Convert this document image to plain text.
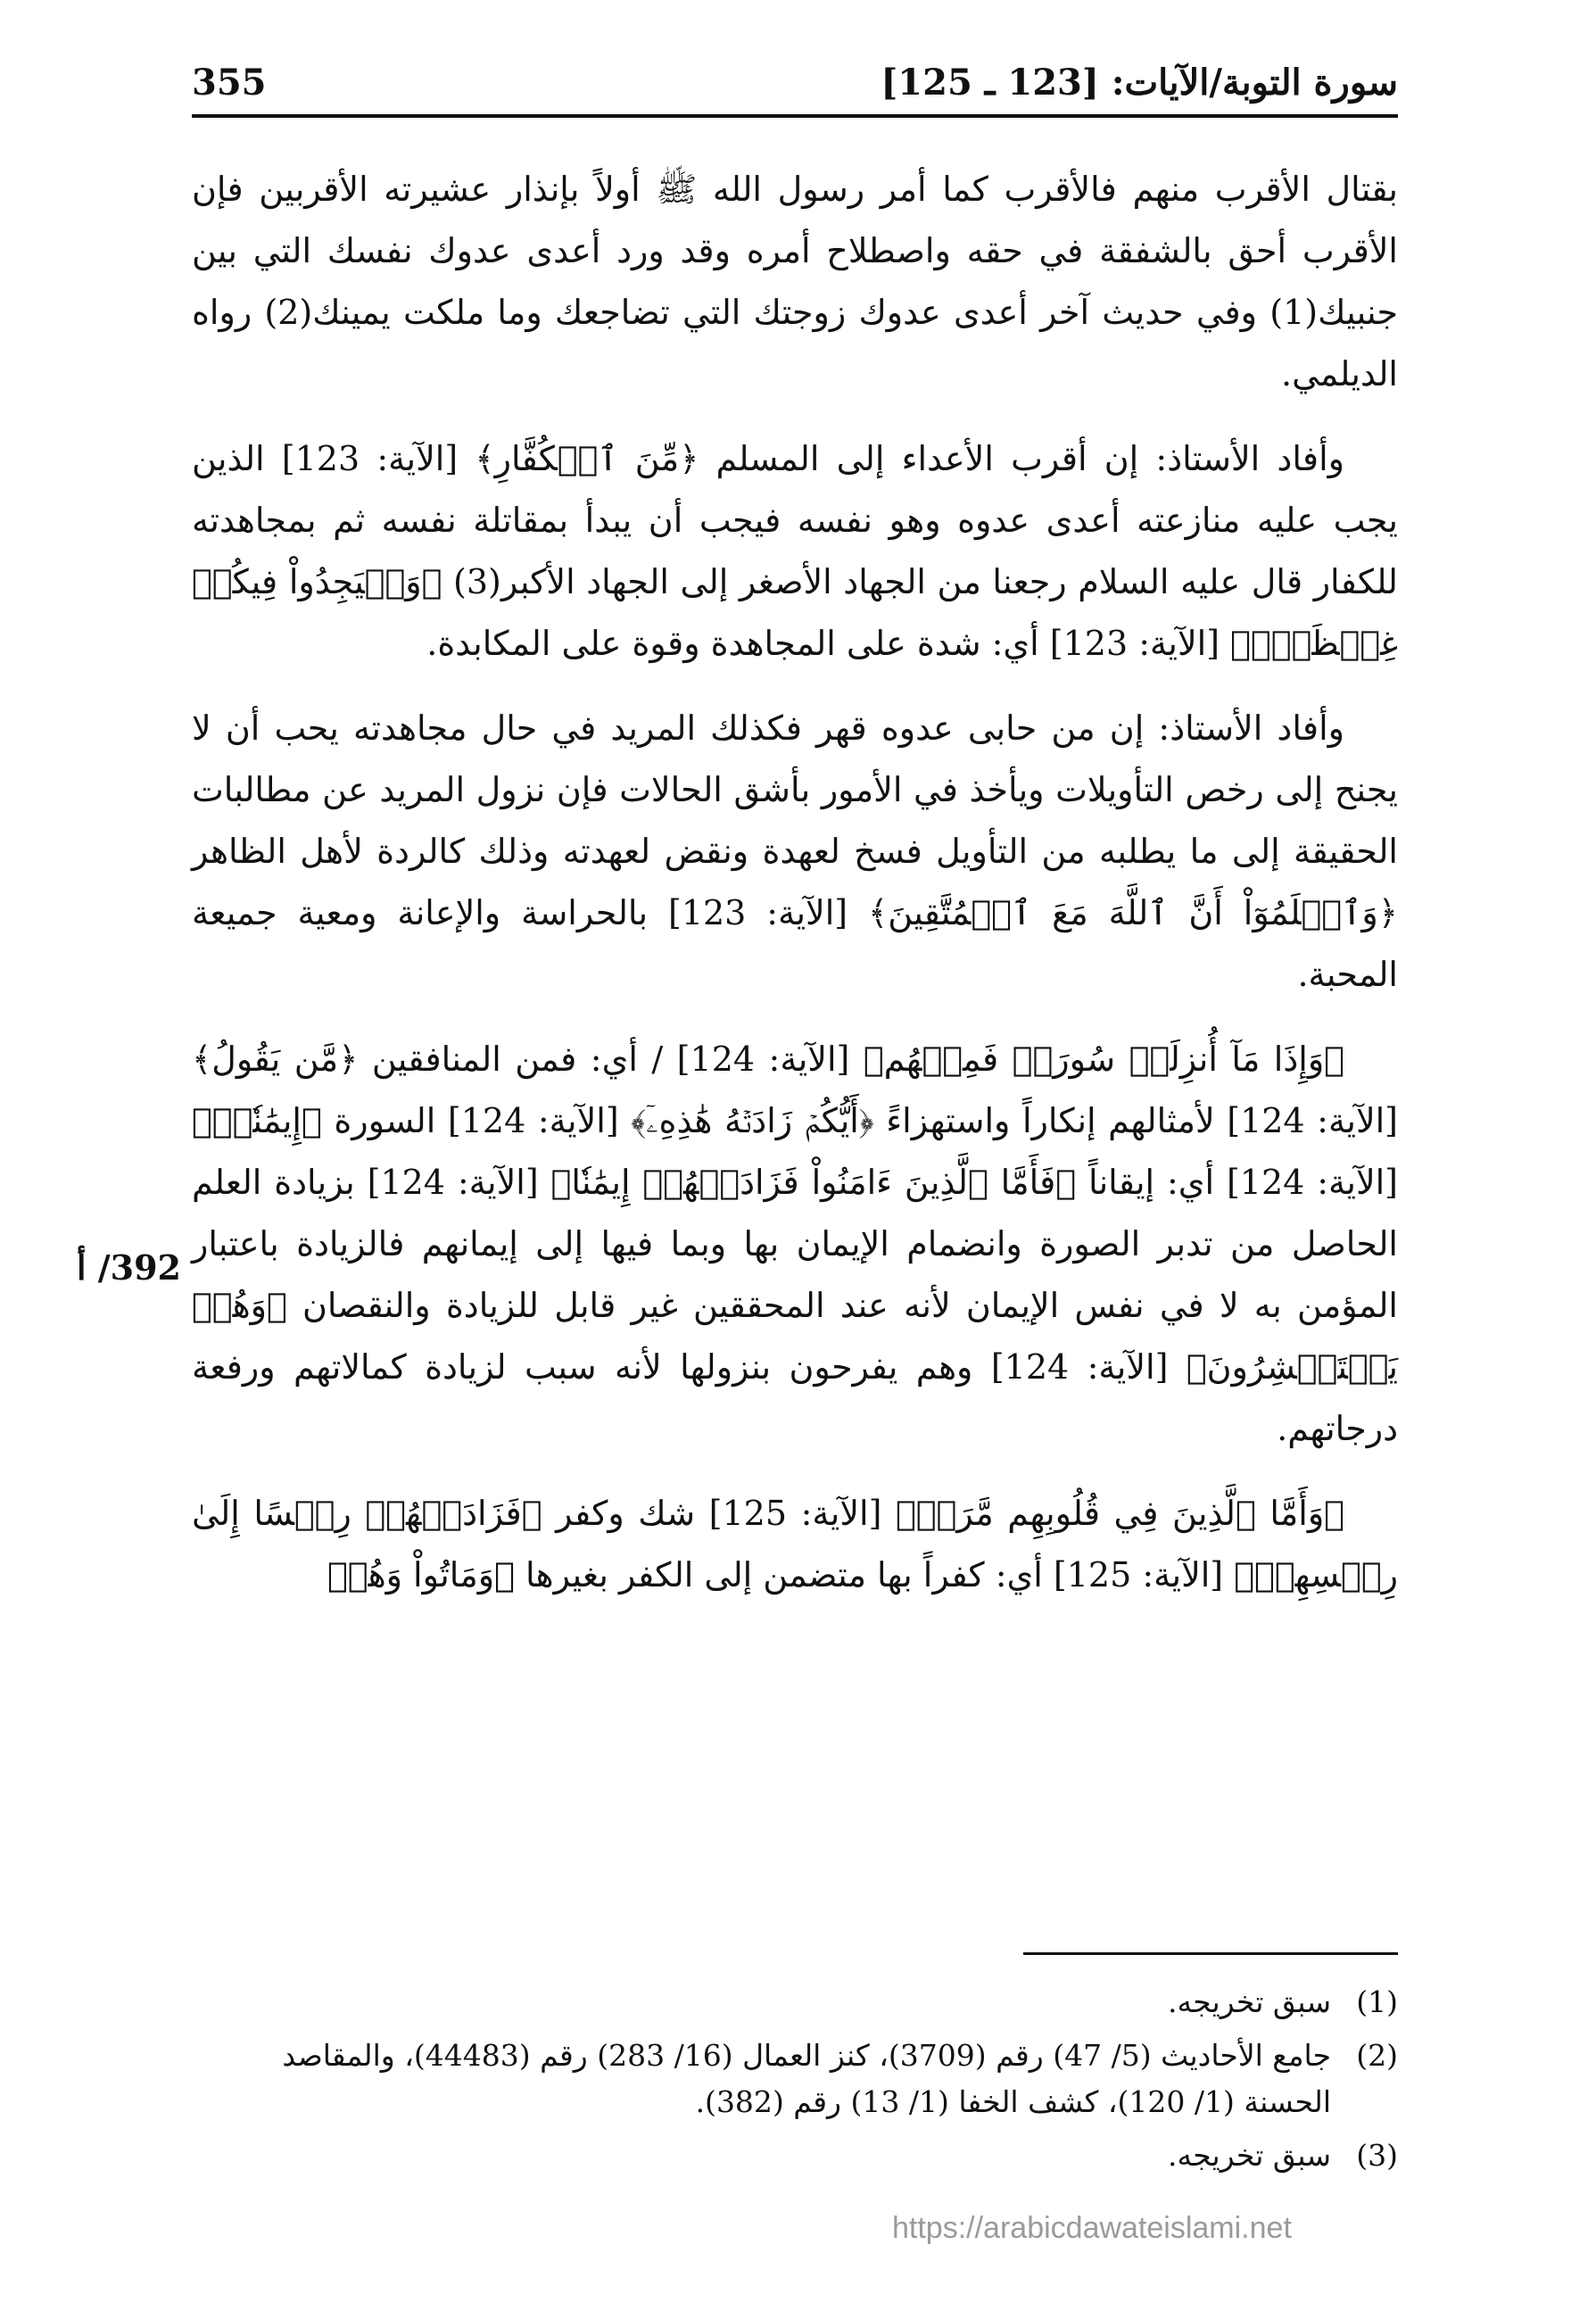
سورة التوبة/الآيات: [123 ـ 125]
355
392/ أ

بقتال الأقرب منهم فالأقرب كما أمر رسول الله ﷺ أولاً بإنذار عشيرته الأقربين فإن الأقرب أحق بالشفقة في حقه واصطلاح أمره وقد ورد أعدى عدوك نفسك التي بين جنبيك(1) وفي حديث آخر أعدى عدوك زوجتك التي تضاجعك وما ملكت يمينك(2) رواه الديلمي.

وأفاد الأستاذ: إن أقرب الأعداء إلى المسلم ﴿مِّنَ ٱلۡكُفَّارِ﴾ [الآية: 123] الذين يجب عليه منازعته أعدى عدوه وهو نفسه فيجب أن يبدأ بمقاتلة نفسه ثم بمجاهدته للكفار قال عليه السلام رجعنا من الجهاد الأصغر إلى الجهاد الأكبر(3) ﴿وَلۡيَجِدُواْ فِيكُمۡ غِلۡظَةٗۚ﴾ [الآية: 123] أي: شدة على المجاهدة وقوة على المكابدة.

وأفاد الأستاذ: إن من حابى عدوه قهر فكذلك المريد في حال مجاهدته يحب أن لا يجنح إلى رخص التأويلات ويأخذ في الأمور بأشق الحالات فإن نزول المريد عن مطالبات الحقيقة إلى ما يطلبه من التأويل فسخ لعهدة ونقض لعهدته وذلك كالردة لأهل الظاهر ﴿وَٱعۡلَمُوٓاْ أَنَّ ٱللَّهَ مَعَ ٱلۡمُتَّقِينَ﴾ [الآية: 123] بالحراسة والإعانة ومعية جميعة المحبة.

﴿وَإِذَا مَآ أُنزِلَتۡ سُورَةٞ فَمِنۡهُم﴾ [الآية: 124] / أي: فمن المنافقين ﴿مَّن يَقُولُ﴾ [الآية: 124] لأمثالهم إنكاراً واستهزاءً ﴿أَيُّكُمۡ زَادَتۡهُ هَٰذِهِۦٓ﴾ [الآية: 124] السورة ﴿إِيمَٰنٗاۚ﴾ [الآية: 124] أي: إيقاناً ﴿فَأَمَّا ٱلَّذِينَ ءَامَنُواْ فَزَادَتۡهُمۡ إِيمَٰنٗا﴾ [الآية: 124] بزيادة العلم الحاصل من تدبر الصورة وانضمام الإيمان بها وبما فيها إلى إيمانهم فالزيادة باعتبار المؤمن به لا في نفس الإيمان لأنه عند المحققين غير قابل للزيادة والنقصان ﴿وَهُمۡ يَسۡتَبۡشِرُونَ﴾ [الآية: 124] وهم يفرحون بنزولها لأنه سبب لزيادة كمالاتهم ورفعة درجاتهم.

﴿وَأَمَّا ٱلَّذِينَ فِي قُلُوبِهِم مَّرَضٞ﴾ [الآية: 125] شك وكفر ﴿فَزَادَتۡهُمۡ رِجۡسًا إِلَىٰ رِجۡسِهِمۡ﴾ [الآية: 125] أي: كفراً بها متضمن إلى الكفر بغيرها ﴿وَمَاتُواْ وَهُمۡ

(1)
سبق تخريجه.
(2)
جامع الأحاديث (5/ 47) رقم (3709)، كنز العمال (16/ 283) رقم (44483)، والمقاصد الحسنة (1/ 120)، كشف الخفا (1/ 13) رقم (382).
(3)
سبق تخريجه.
https://arabicdawateislami.net
